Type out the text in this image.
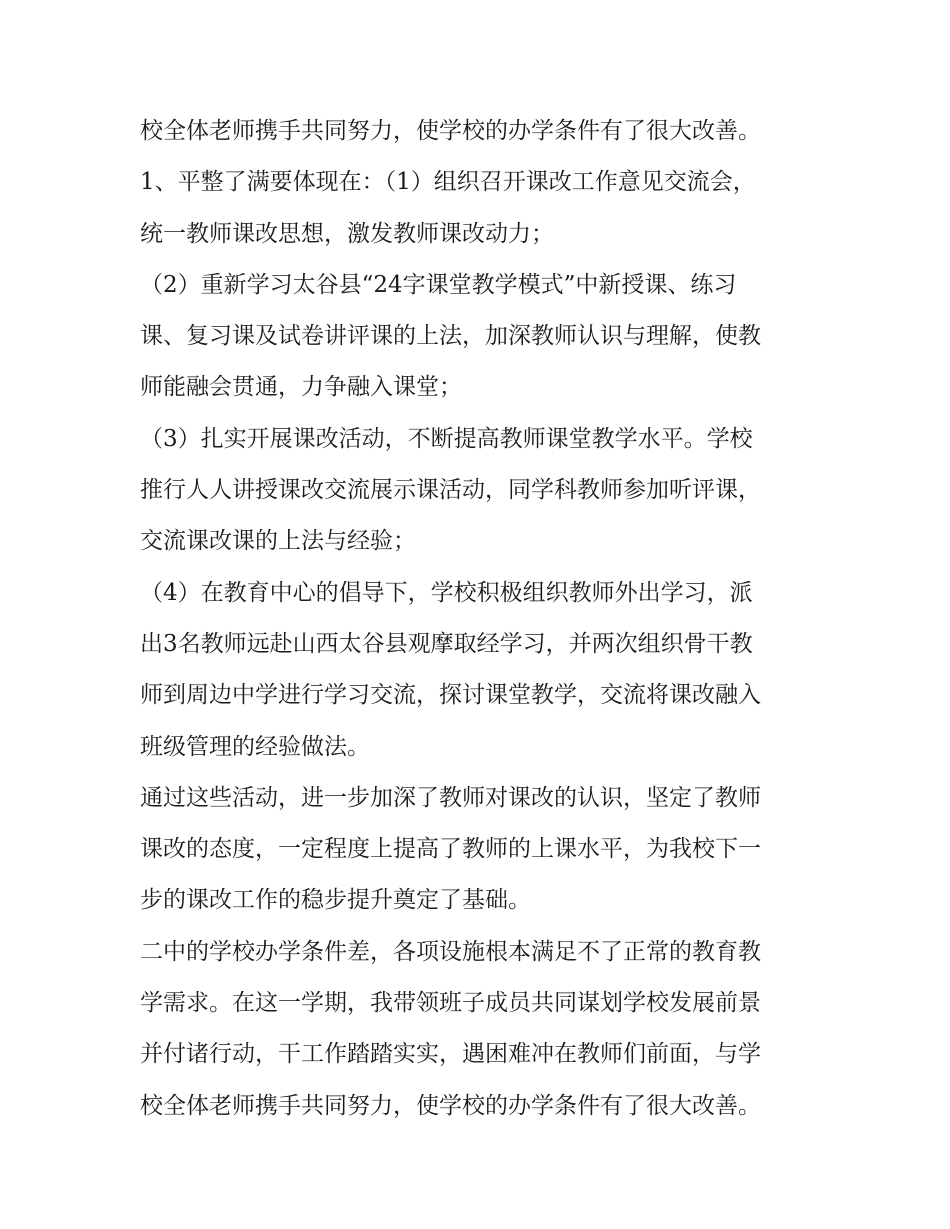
校全体老师携手共同努力，使学校的办学条件有了很大改善。
1、平整了满要体现在：（1）组织召开课改工作意见交流会，
统一教师课改思想，激发教师课改动力；
（2）重新学习太谷县“24字课堂教学模式”中新授课、练习
课、复习课及试卷讲评课的上法，加深教师认识与理解，使教
师能融会贯通，力争融入课堂；
（3）扎实开展课改活动，不断提高教师课堂教学水平。学校
推行人人讲授课改交流展示课活动，同学科教师参加听评课，
交流课改课的上法与经验；
（4）在教育中心的倡导下，学校积极组织教师外出学习，派
出3名教师远赴山西太谷县观摩取经学习，并两次组织骨干教
师到周边中学进行学习交流，探讨课堂教学，交流将课改融入
班级管理的经验做法。
通过这些活动，进一步加深了教师对课改的认识，坚定了教师
课改的态度，一定程度上提高了教师的上课水平，为我校下一
步的课改工作的稳步提升奠定了基础。
二中的学校办学条件差，各项设施根本满足不了正常的教育教
学需求。在这一学期，我带领班子成员共同谋划学校发展前景
并付诸行动，干工作踏踏实实，遇困难冲在教师们前面，与学
校全体老师携手共同努力，使学校的办学条件有了很大改善。
